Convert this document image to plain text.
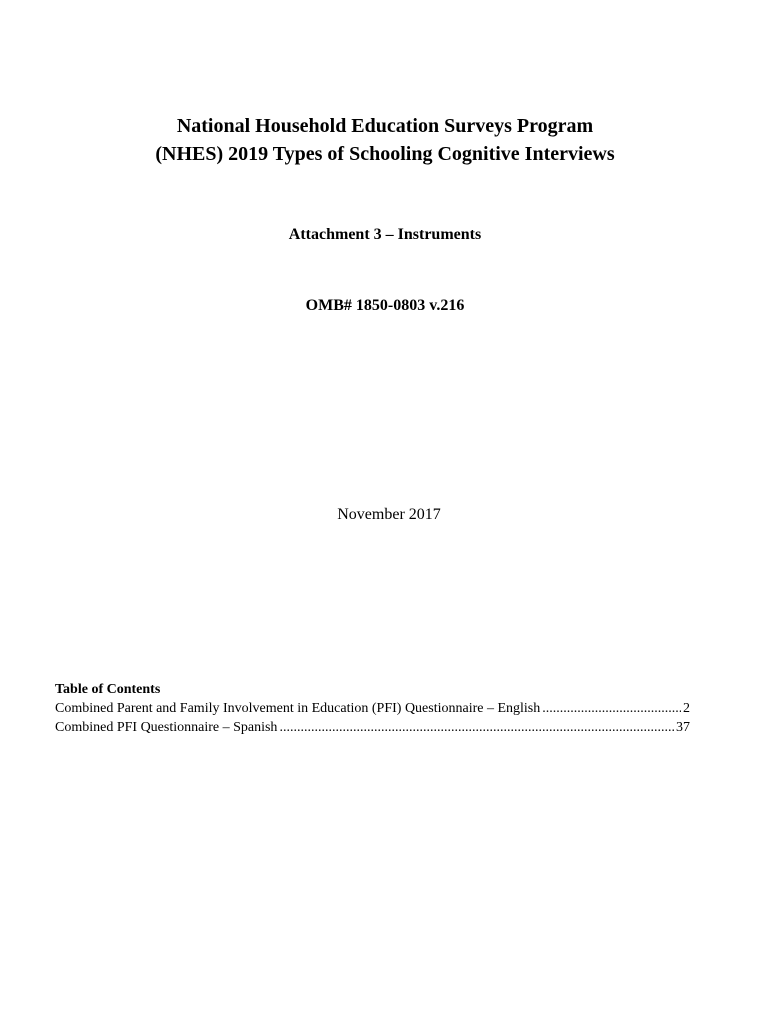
National Household Education Surveys Program
(NHES) 2019 Types of Schooling Cognitive Interviews
Attachment 3 – Instruments
OMB# 1850-0803 v.216
November 2017
Table of Contents
Combined Parent and Family Involvement in Education (PFI) Questionnaire – English .....	2
Combined PFI Questionnaire – Spanish .....	37
